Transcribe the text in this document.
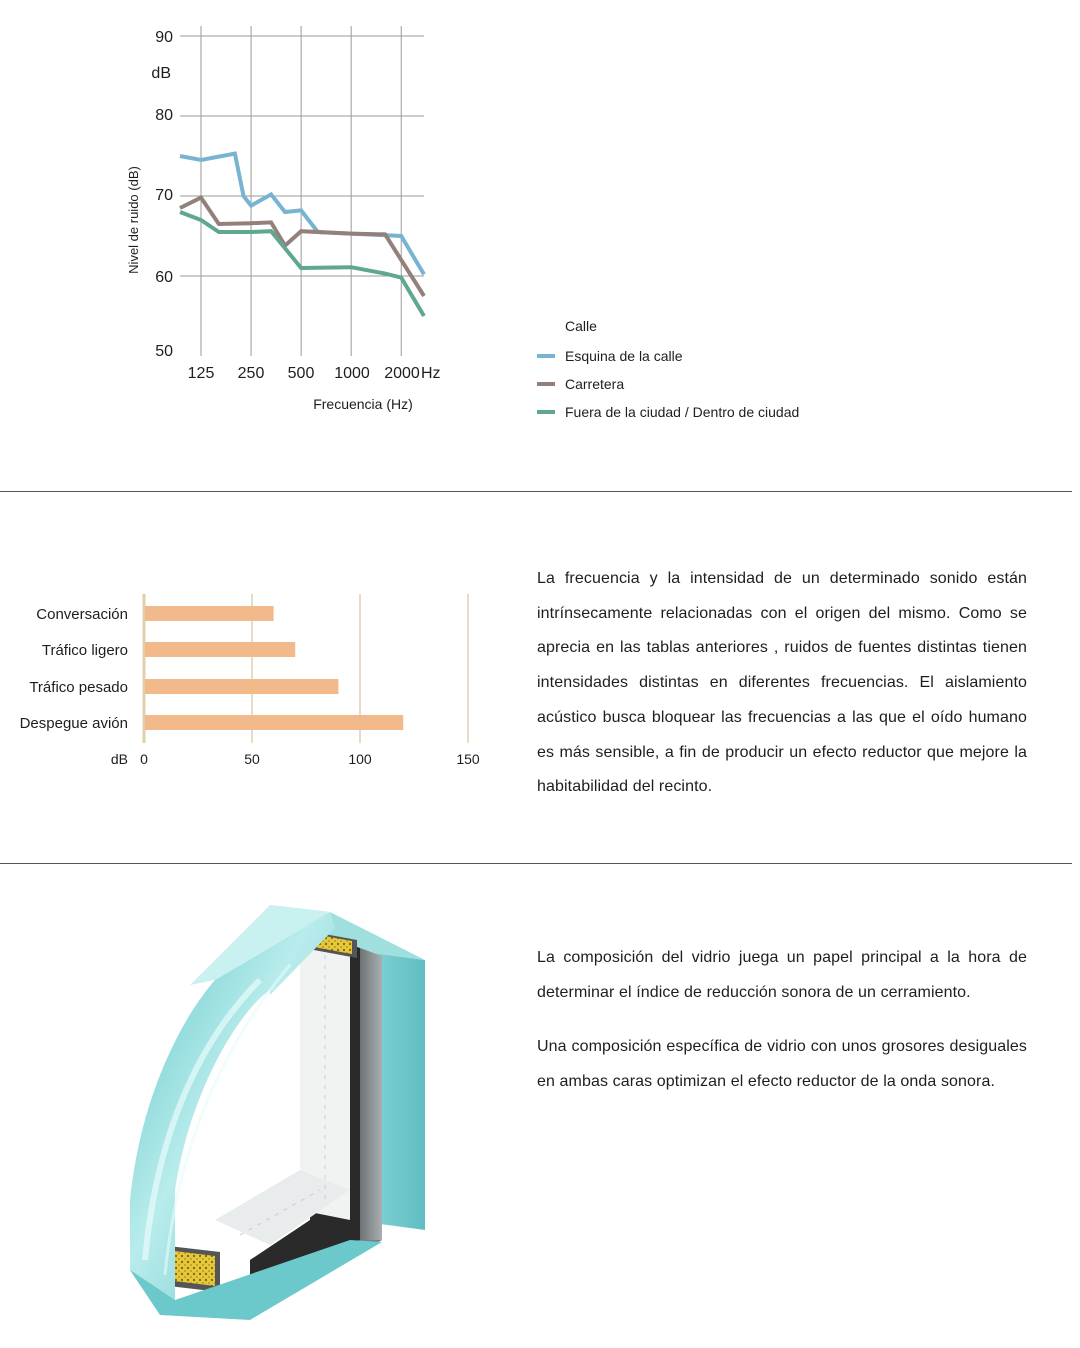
90
80
70
60
50
dB
Nivel de ruido (dB)
125 250 500 1000 2000 Hz
Frecuencia (Hz)
Calle
Esquina de la calle
Carretera
Fuera de la ciudad / Dentro de ciudad
Conversación
Tráfico ligero
Tráfico pesado
Despegue avión
dB 0	50	100	150

La frecuencia y la intensidad de un determinado sonido están intrínsecamente relacionadas con el origen del mismo. Como se aprecia en las tablas anteriores , ruidos de fuentes distintas tienen intensidades distintas en diferentes frecuencias. El aislamiento acústico busca bloquear las frecuencias a las que el oído humano es más sensible, a fin de producir un efecto reductor que mejore la habitabilidad del recinto.

La composición del vidrio juega un papel principal a la hora de determinar el índice de reducción sonora de un cerramiento.

Una composición específica de vidrio con unos grosores desiguales en ambas caras optimizan el efecto reductor de la onda sonora.
